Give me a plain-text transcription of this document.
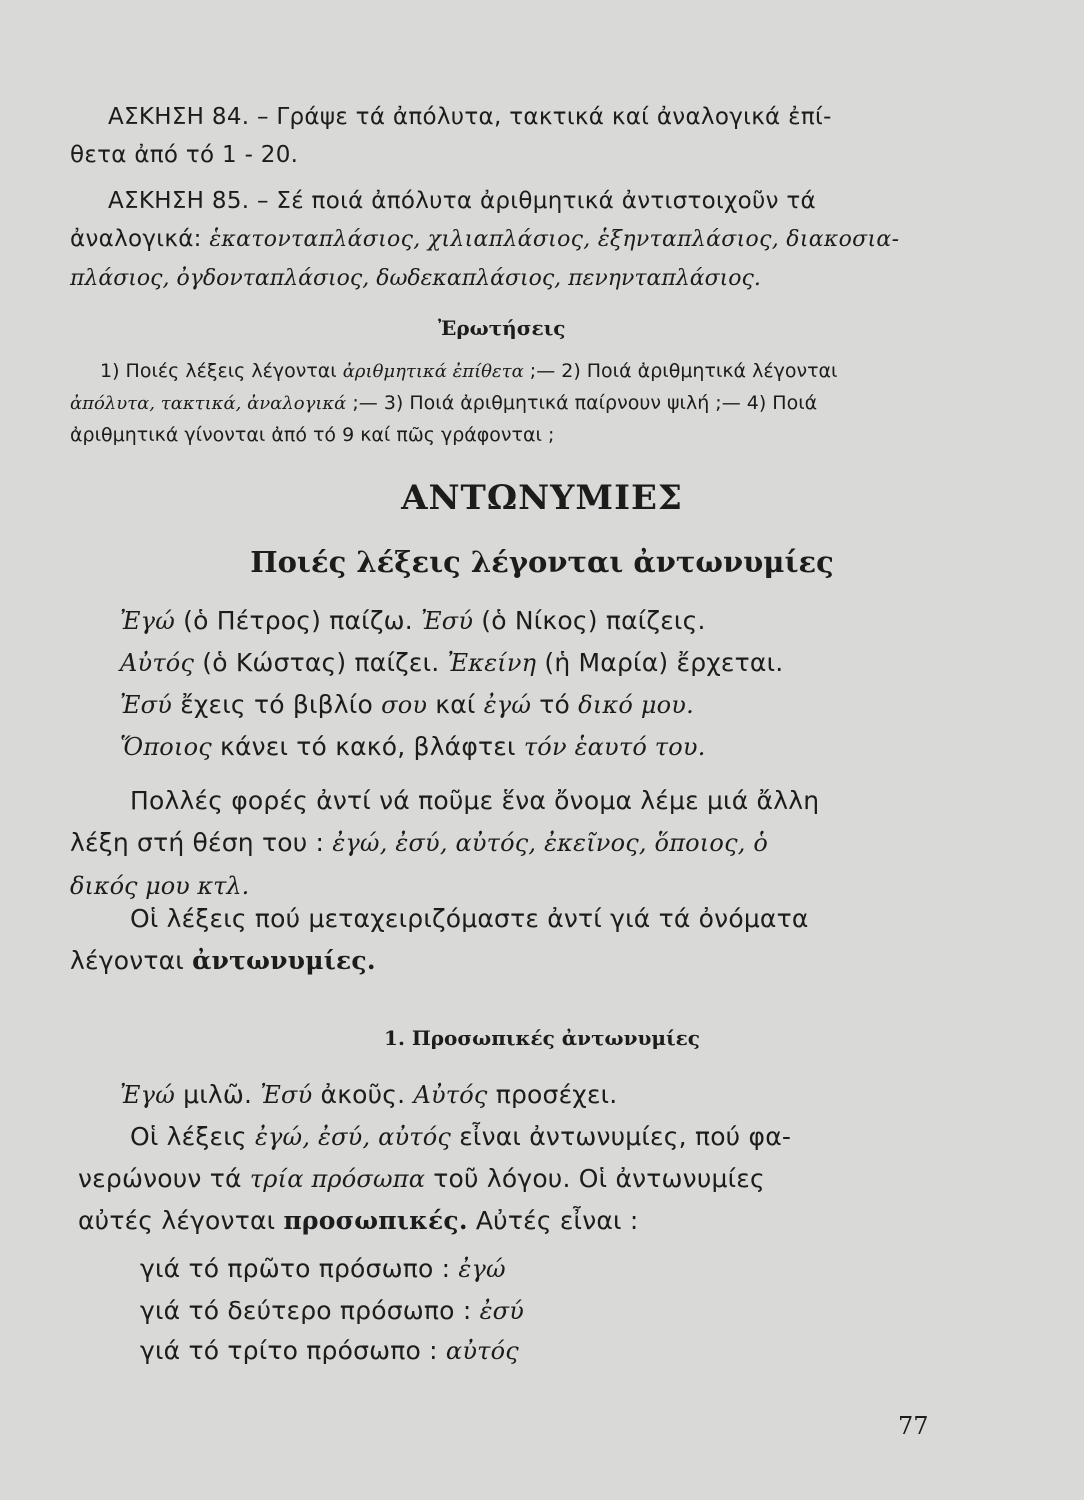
ΑΣΚΗΣΗ 84. – Γράψε τά ἀπόλυτα, τακτικά καί ἀναλογικά ἐπί-
θετα ἀπό τό 1 - 20.
ΑΣΚΗΣΗ 85. – Σέ ποιά ἀπόλυτα ἀριθμητικά ἀντιστοιχοῦν τά
ἀναλογικά: ἑκατονταπλάσιος, χιλιαπλάσιος, ἑξηνταπλάσιος, διακοσια-
πλάσιος, ὀγδονταπλάσιος, δωδεκαπλάσιος, πενηνταπλάσιος.
Ἐρωτήσεις
1) Ποιές λέξεις λέγονται ἀριθμητικά ἐπίθετα ;— 2) Ποιά ἀριθμητικά λέγονται
ἀπόλυτα, τακτικά, ἀναλογικά ;— 3) Ποιά ἀριθμητικά παίρνουν ψιλή ;— 4) Ποιά
ἀριθμητικά γίνονται ἀπό τό 9 καί πῶς γράφονται ;
ΑΝΤΩΝΥΜΙΕΣ
Ποιές λέξεις λέγονται ἀντωνυμίες
Ἐγώ (ὁ Πέτρος) παίζω. Ἐσύ (ὁ Νίκος) παίζεις.
Αὐτός (ὁ Κώστας) παίζει. Ἐκείνη (ἡ Μαρία) ἔρχεται.
Ἐσύ ἔχεις τό βιβλίο σου καί ἐγώ τό δικό μου.
Ὅποιος κάνει τό κακό, βλάφτει τόν ἑαυτό του.
Πολλές φορές ἀντί νά ποῦμε ἕνα ὄνομα λέμε μιά ἄλλη
λέξη στή θέση του : ἐγώ, ἐσύ, αὐτός, ἐκεῖνος, ὅποιος, ὁ
δικός μου κτλ.
Οἱ λέξεις πού μεταχειριζόμαστε ἀντί γιά τά ὀνόματα
λέγονται ἀντωνυμίες.
1. Προσωπικές ἀντωνυμίες
Ἐγώ μιλῶ. Ἐσύ ἀκοῦς. Αὐτός προσέχει.
Οἱ λέξεις ἐγώ, ἐσύ, αὐτός εἶναι ἀντωνυμίες, πού φα-
νερώνουν τά τρία πρόσωπα τοῦ λόγου. Οἱ ἀντωνυμίες
αὐτές λέγονται προσωπικές. Αὐτές εἶναι :
γιά τό πρῶτο πρόσωπο : ἐγώ
γιά τό δεύτερο πρόσωπο : ἐσύ
γιά τό τρίτο πρόσωπο : αὐτός
77
